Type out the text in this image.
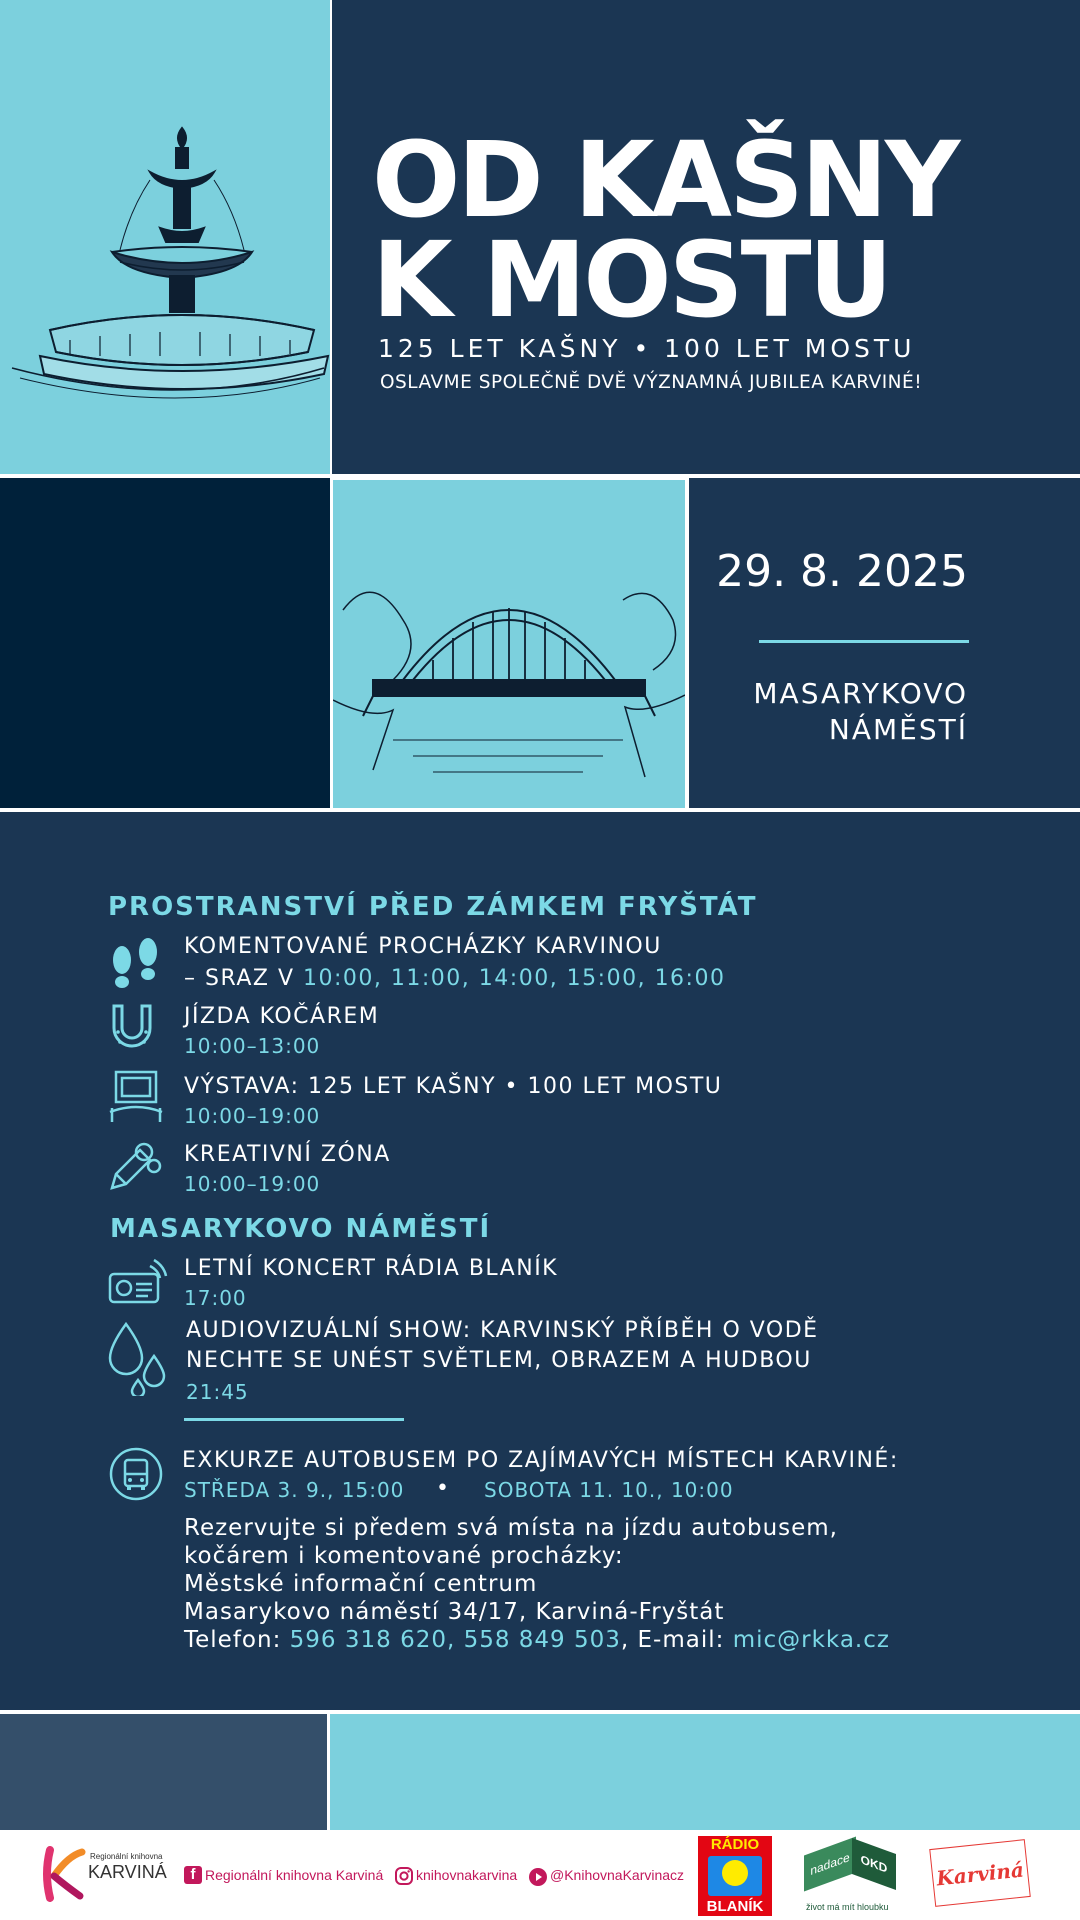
OD KAŠNY
K MOSTU
125 LET KAŠNY • 100 LET MOSTU
OSLAVME SPOLEČNĚ DVĚ VÝZNAMNÁ JUBILEA KARVINÉ!
29. 8. 2025
MASARYKOVO
NÁMĚSTÍ
PROSTRANSTVÍ PŘED ZÁMKEM FRYŠTÁT
KOMENTOVANÉ PROCHÁZKY KARVINOU
– SRAZ V 10:00, 11:00, 14:00, 15:00, 16:00
JÍZDA KOČÁREM
10:00–13:00
VÝSTAVA: 125 LET KAŠNY • 100 LET MOSTU
10:00–19:00
KREATIVNÍ ZÓNA
10:00–19:00
MASARYKOVO NÁMĚSTÍ
LETNÍ KONCERT RÁDIA BLANÍK
17:00
AUDIOVIZUÁLNÍ SHOW: KARVINSKÝ PŘÍBĚH O VODĚ
NECHTE SE UNÉST SVĚTLEM, OBRAZEM A HUDBOU
21:45
EXKURZE AUTOBUSEM PO ZAJÍMAVÝCH MÍSTECH KARVINÉ:
STŘEDA 3. 9., 15:00 • SOBOTA 11. 10., 10:00
Rezervujte si předem svá místa na jízdu autobusem,
kočárem i komentované procházky:
Městské informační centrum
Masarykovo náměstí 34/17, Karviná-Fryštát
Telefon: 596 318 620, 558 849 503, E-mail: mic@rkka.cz
Regionální knihovna
KARVINÁ	f Regionální knihovna Karviná knihovnakarvina @KnihovnaKarvinacz
RÁDIO
BLANÍK
nadace OKD
život má mít hloubku
Karviná
